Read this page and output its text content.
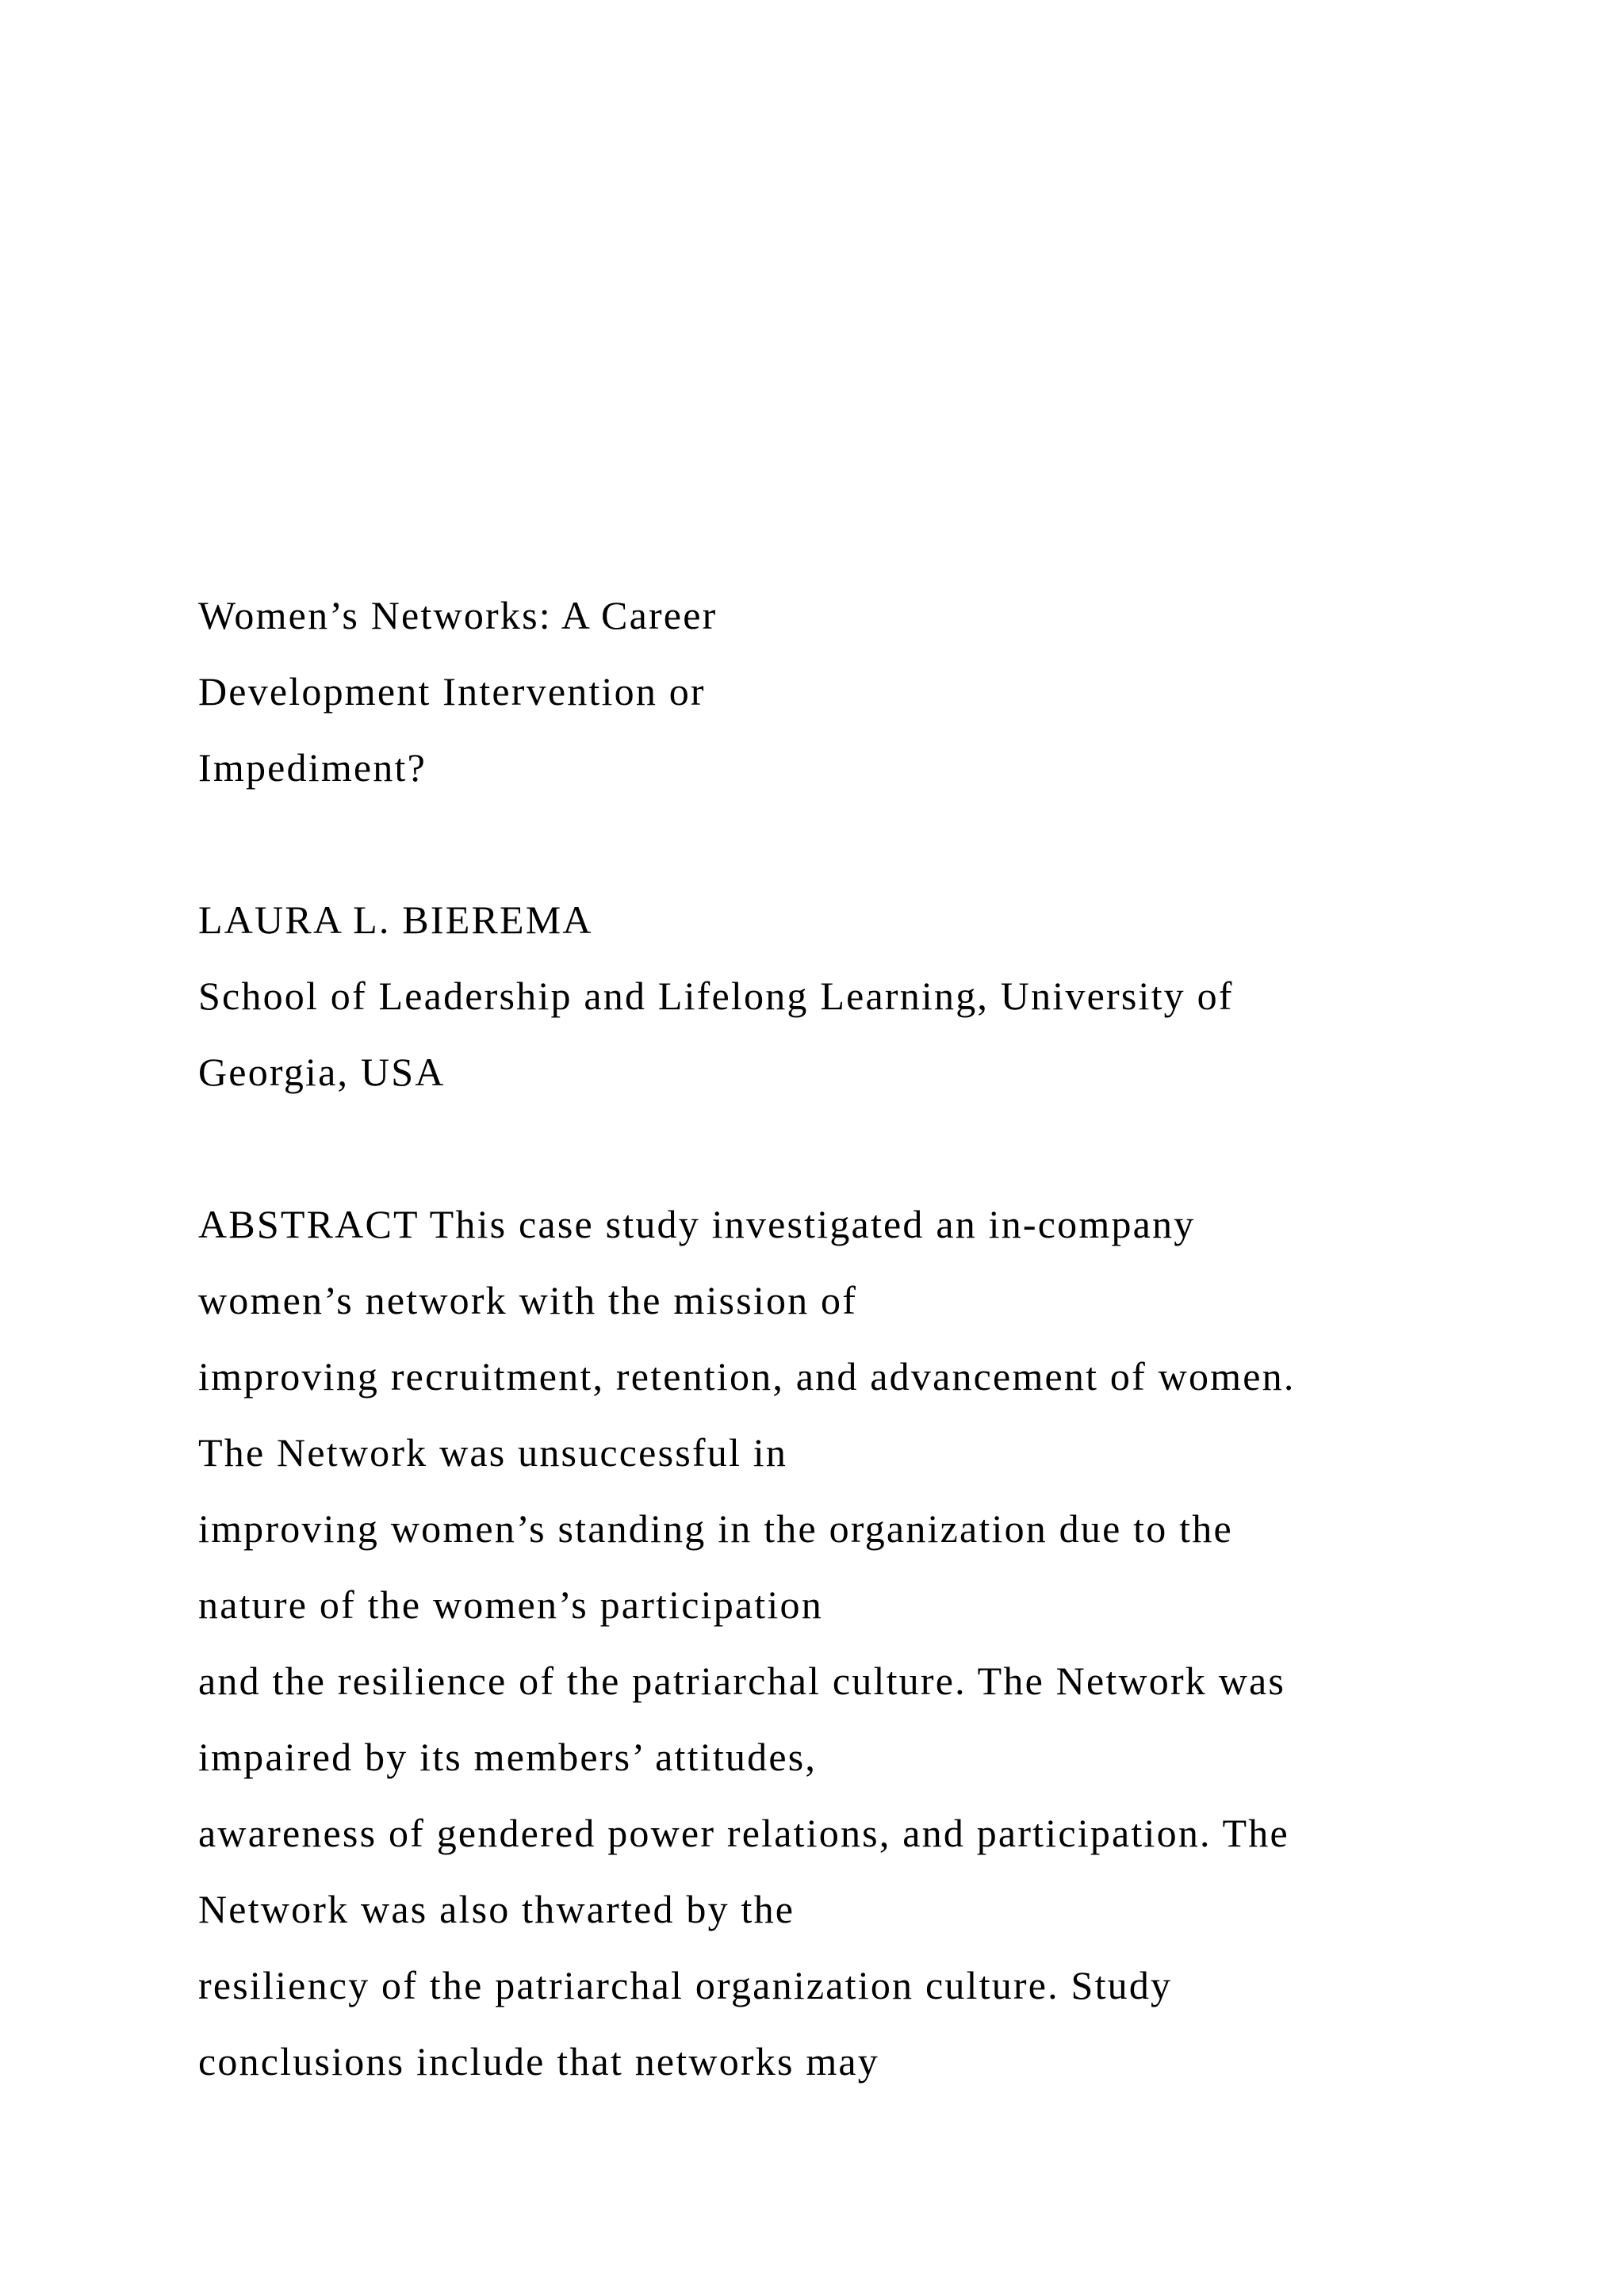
Women’s Networks: A Career
Development Intervention or
Impediment?
LAURA L. BIEREMA
School of Leadership and Lifelong Learning, University of
Georgia, USA
ABSTRACT This case study investigated an in-company
women’s network with the mission of
improving recruitment, retention, and advancement of women.
The Network was unsuccessful in
improving women’s standing in the organization due to the
nature of the women’s participation
and the resilience of the patriarchal culture. The Network was
impaired by its members’ attitudes,
awareness of gendered power relations, and participation. The
Network was also thwarted by the
resiliency of the patriarchal organization culture. Study
conclusions include that networks may
